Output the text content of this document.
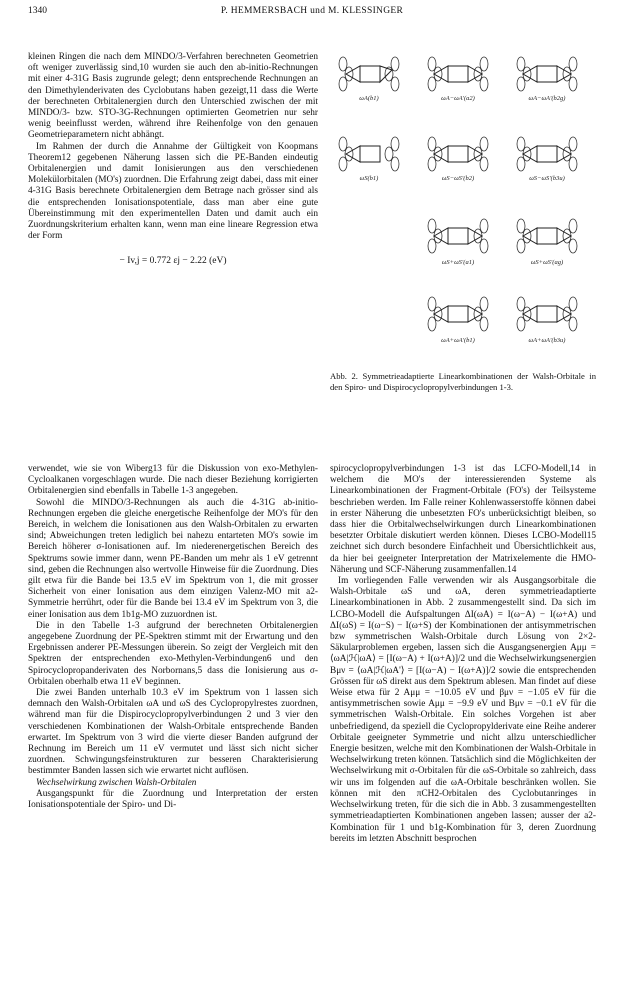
1340	P. HEMMERSBACH und M. KLESSINGER

kleinen Ringen die nach dem MINDO/3-Verfahren berechneten Geometrien oft weniger zuverlässig sind,10 wurden sie auch den ab-initio-Rechnungen mit einer 4-31G Basis zugrunde gelegt; denn entsprechende Rechnungen an den Dimethylenderivaten des Cyclobutans haben gezeigt,11 dass die Werte der berechneten Orbitalenergien durch den Unterschied zwischen der mit MINDO/3- bzw. STO-3G-Rechnungen optimierten Geometrien nur sehr wenig beeinflusst werden, während ihre Reihenfolge von den genauen Geometrieparametern nicht abhängt.

Im Rahmen der durch die Annahme der Gültigkeit von Koopmans Theorem12 gegebenen Näherung lassen sich die PE-Banden eindeutig Orbitalenergien und damit Ionisierungen aus den verschiedenen Molekülorbitalen (MO's) zuordnen. Die Erfahrung zeigt dabei, dass mit einer 4-31G Basis berechnete Orbitalenergien dem Betrage nach grösser sind als die entsprechenden Ionisationspotentiale, dass man aber eine gute Übereinstimmung mit den experimentellen Daten und damit auch ein Zuordnungskriterium erhalten kann, wenn man eine lineare Regression etwa der Form

− Iv,j = 0.772 εj − 2.22 (eV)
ωA(b1)	ωA−ωA'(a2)	ωA−ωA'(b2g)
ωS(b1)	ωS−ωS'(b2)	ωS−ωS'(b3u)
ωS+ωS'(a1)	ωS+ωS'(ag)
ωA+ωA'(b1)	ωA+ωA'(b3u)
Abb. 2. Symmetrieadaptierte Linearkombinationen der Walsh-Orbitale in den Spiro- und Dispirocyclopropylverbindungen 1-3.

verwendet, wie sie von Wiberg13 für die Diskussion von exo-Methylen-Cycloalkanen vorgeschlagen wurde. Die nach dieser Beziehung korrigierten Orbitalenergien sind ebenfalls in Tabelle 1-3 angegeben.

Sowohl die MINDO/3-Rechnungen als auch die 4-31G ab-initio-Rechnungen ergeben die gleiche energetische Reihenfolge der MO's für den Bereich, in welchem die Ionisationen aus den Walsh-Orbitalen zu erwarten sind; Abweichungen treten lediglich bei nahezu entarteten MO's sowie im Bereich höherer σ-Ionisationen auf. Im niederenergetischen Bereich des Spektrums sowie immer dann, wenn PE-Banden um mehr als 1 eV getrennt sind, geben die Rechnungen also wertvolle Hinweise für die Zuordnung. Dies gilt etwa für die Bande bei 13.5 eV im Spektrum von 1, die mit grosser Sicherheit von einer Ionisation aus dem einzigen Valenz-MO mit a2-Symmetrie herrührt, oder für die Bande bei 13.4 eV im Spektrum von 3, die einer Ionisation aus dem 1b1g-MO zuzuordnen ist.

Die in den Tabelle 1-3 aufgrund der berechneten Orbitalenergien angegebene Zuordnung der PE-Spektren stimmt mit der Erwartung und den Ergebnissen anderer PE-Messungen überein. So zeigt der Vergleich mit den Spektren der entsprechenden exo-Methylen-Verbindungen6 und den Spirocyclopropanderivaten des Norbornans,5 dass die Ionisierung aus σ-Orbitalen oberhalb etwa 11 eV beginnen.

Die zwei Banden unterhalb 10.3 eV im Spektrum von 1 lassen sich demnach den Walsh-Orbitalen ωA und ωS des Cyclopropylrestes zuordnen, während man für die Dispirocyclopropylverbindungen 2 und 3 vier den verschiedenen Kombinationen der Walsh-Orbitale entsprechende Banden erwartet. Im Spektrum von 3 wird die vierte dieser Banden aufgrund der Rechnung im Bereich um 11 eV vermutet und lässt sich nicht sicher zuordnen. Schwingungsfeinstrukturen zur besseren Charakterisierung bestimmter Banden lassen sich wie erwartet nicht auflösen.

Wechselwirkung zwischen Walsh-Orbitalen

Ausgangspunkt für die Zuordnung und Interpretation der ersten Ionisationspotentiale der Spiro- und Di-

spirocyclopropylverbindungen 1-3 ist das LCFO-Modell,14 in welchem die MO's der interessierenden Systeme als Linearkombinationen der Fragment-Orbitale (FO's) der Teilsysteme beschrieben werden. Im Falle reiner Kohlenwasserstoffe können dabei in erster Näherung die unbesetzten FO's unberücksichtigt bleiben, so dass hier die Orbitalwechselwirkungen durch Linearkombinationen besetzter Orbitale diskutiert werden können. Dieses LCBO-Modell15 zeichnet sich durch besondere Einfachheit und Übersichtlichkeit aus, da hier bei geeigneter Interpretation der Matrixelemente die HMO-Näherung und SCF-Näherung zusammenfallen.14

Im vorliegenden Falle verwenden wir als Ausgangsorbitale die Walsh-Orbitale ωS und ωA, deren symmetrieadaptierte Linearkombinationen in Abb. 2 zusammengestellt sind. Da sich im LCBO-Modell die Aufspaltungen ΔI(ωA) = I(ω−A) − I(ω+A) und ΔI(ωS) = I(ω−S) − I(ω+S) der Kombinationen der antisymmetrischen bzw symmetrischen Walsh-Orbitale durch Lösung von 2×2-Säkularproblemen ergeben, lassen sich die Ausgangsenergien Aμμ = ⟨ωA|ℋ|ωA⟩ = [I(ω−A) + I(ω+A)]/2 und die Wechselwirkungsenergien Bμν = ⟨ωA|ℋ|ωA'⟩ = [I(ω−A) − I(ω+A)]/2 sowie die entsprechenden Grössen für ωS direkt aus dem Spektrum ablesen. Man findet auf diese Weise etwa für 2 Aμμ = −10.05 eV und βμν = −1.05 eV für die antisymmetrischen sowie Aμμ = −9.9 eV und Bμν = −0.1 eV für die symmetrischen Walsh-Orbitale. Ein solches Vorgehen ist aber unbefriedigend, da speziell die Cyclopropylderivate eine Reihe anderer Orbitale geeigneter Symmetrie und nicht allzu unterschiedlicher Energie besitzen, welche mit den Kombinationen der Walsh-Orbitale in Wechselwirkung treten können. Tatsächlich sind die Möglichkeiten der Wechselwirkung mit σ-Orbitalen für die ωS-Orbitale so zahlreich, dass wir uns im folgenden auf die ωA-Orbitale beschränken wollen. Sie können mit den πCH2-Orbitalen des Cyclobutanringes in Wechselwirkung treten, für die sich die in Abb. 3 zusammengestellten symmetrieadaptierten Kombinationen angeben lassen; ausser der a2-Kombination für 1 und b1g-Kombination für 3, deren Zuordnung bereits im letzten Abschnitt besprochen
